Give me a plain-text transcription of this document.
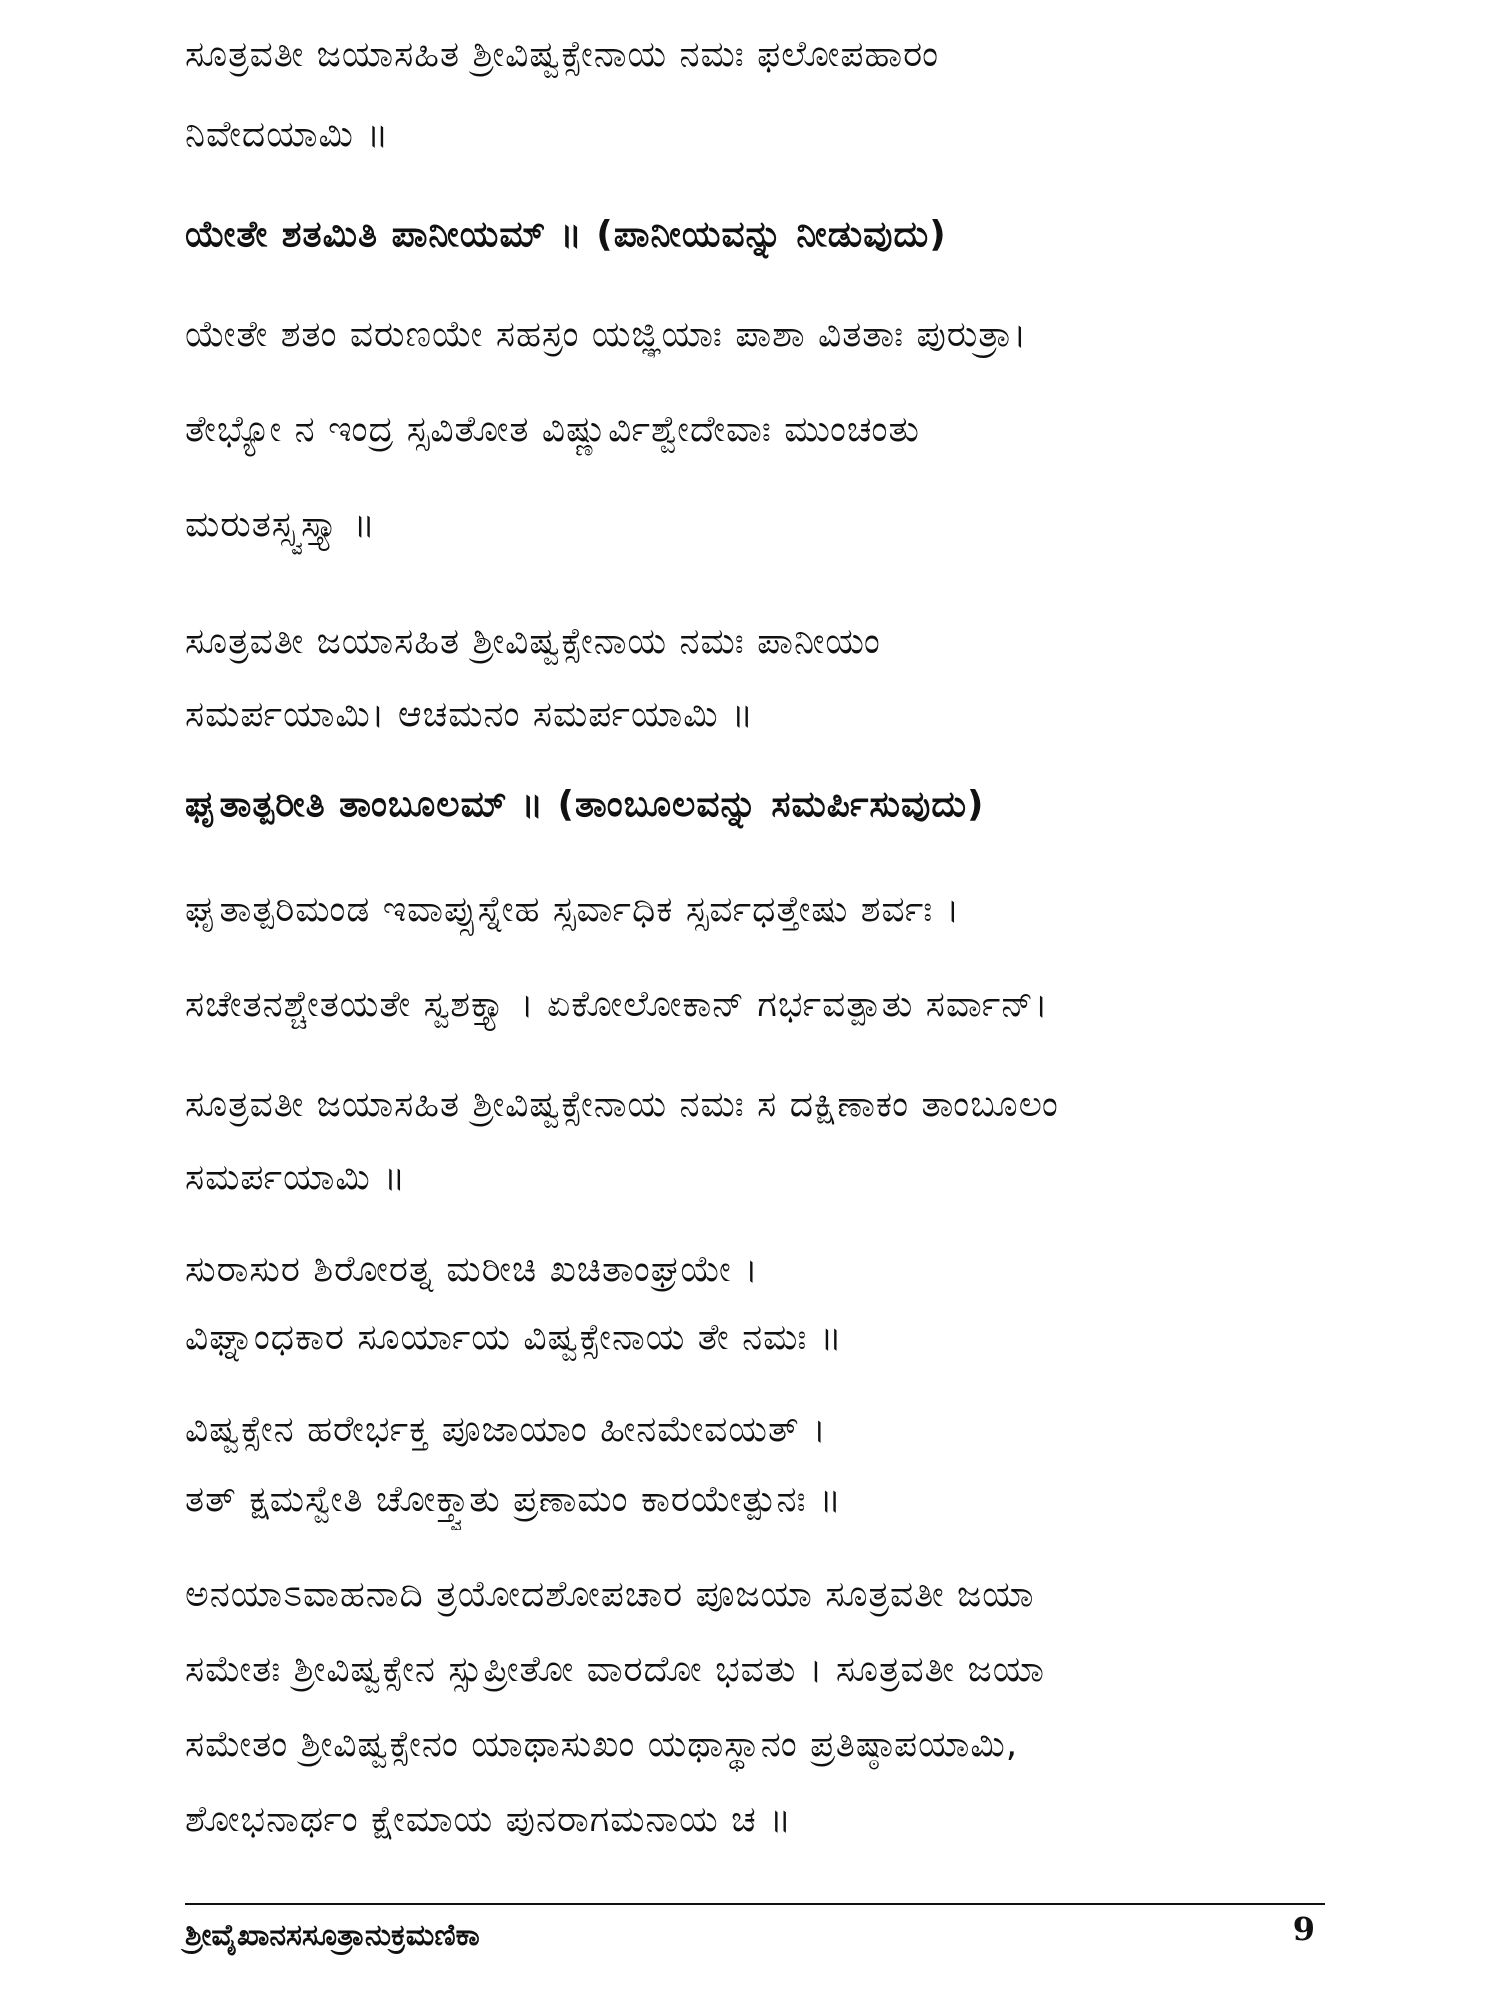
ಸೂತ್ರವತೀ ಜಯಾಸಹಿತ ಶ್ರೀವಿಷ್ವಕ್ಸೇನಾಯ ನಮಃ ಫಲೋಪಹಾರಂ
ನಿವೇದಯಾಮಿ ॥
ಯೇತೇ ಶತಮಿತಿ ಪಾನೀಯಮ್ ॥ (ಪಾನೀಯವನ್ನು ನೀಡುವುದು)
ಯೇತೇ ಶತಂ ವರುಣಯೇ ಸಹಸ್ರಂ ಯಜ್ಞಿಯಾಃ ಪಾಶಾ ವಿತತಾಃ ಪುರುತ್ರಾ।
ತೇಭ್ಯೋ ನ ಇಂದ್ರ ಸ್ಸವಿತೋತ ವಿಷ್ಣುರ್ವಿಶ್ವೇದೇವಾಃ ಮುಂಚಂತು
ಮರುತಸ್ಸ್ವಸ್ತ್ಯಾ ॥
ಸೂತ್ರವತೀ ಜಯಾಸಹಿತ ಶ್ರೀವಿಷ್ವಕ್ಸೇನಾಯ ನಮಃ ಪಾನೀಯಂ
ಸಮರ್ಪಯಾಮಿ। ಆಚಮನಂ ಸಮರ್ಪಯಾಮಿ ॥
ಘೃತಾತ್ಪರೀತಿ ತಾಂಬೂಲಮ್ ॥ (ತಾಂಬೂಲವನ್ನು ಸಮರ್ಪಿಸುವುದು)
ಘೃತಾತ್ಪರಿಮಂಡ ಇವಾಪ್ಸುಸ್ನೇಹ ಸ್ಸರ್ವಾಧಿಕ ಸ್ಸರ್ವಧತ್ತೇಷು ಶರ್ವಃ ।
ಸಚೇತನಶ್ಚೇತಯತೇ ಸ್ವಶಕ್ತ್ಯಾ । ಏಕೋಲೋಕಾನ್ ಗರ್ಭವತ್ಪಾತು ಸರ್ವಾನ್।
ಸೂತ್ರವತೀ ಜಯಾಸಹಿತ ಶ್ರೀವಿಷ್ವಕ್ಸೇನಾಯ ನಮಃ ಸ ದಕ್ಷಿಣಾಕಂ ತಾಂಬೂಲಂ
ಸಮರ್ಪಯಾಮಿ ॥
ಸುರಾಸುರ ಶಿರೋರತ್ನ ಮರೀಚಿ ಖಚಿತಾಂಘ್ರಯೇ ।
ವಿಘ್ನಾಂಧಕಾರ ಸೂರ್ಯಾಯ ವಿಷ್ವಕ್ಸೇನಾಯ ತೇ ನಮಃ ॥
ವಿಷ್ವಕ್ಸೇನ ಹರೇರ್ಭಕ್ತ ಪೂಜಾಯಾಂ ಹೀನಮೇವಯತ್ ।
ತತ್ ಕ್ಷಮಸ್ವೇತಿ ಚೋಕ್ತ್ವಾತು ಪ್ರಣಾಮಂ ಕಾರಯೇತ್ಪುನಃ ॥
ಅನಯಾಽವಾಹನಾದಿ ತ್ರಯೋದಶೋಪಚಾರ ಪೂಜಯಾ ಸೂತ್ರವತೀ ಜಯಾ
ಸಮೇತಃ ಶ್ರೀವಿಷ್ವಕ್ಸೇನ ಸ್ಸುಪ್ರೀತೋ ವಾರದೋ ಭವತು । ಸೂತ್ರವತೀ ಜಯಾ
ಸಮೇತಂ ಶ್ರೀವಿಷ್ವಕ್ಸೇನಂ ಯಾಥಾಸುಖಂ ಯಥಾಸ್ಥಾನಂ ಪ್ರತಿಷ್ಠಾಪಯಾಮಿ,
ಶೋಭನಾರ್ಥಂ ಕ್ಷೇಮಾಯ ಪುನರಾಗಮನಾಯ ಚ ॥
ಶ್ರೀವೈಖಾನಸಸೂತ್ರಾನುಕ್ರಮಣಿಕಾ	9
